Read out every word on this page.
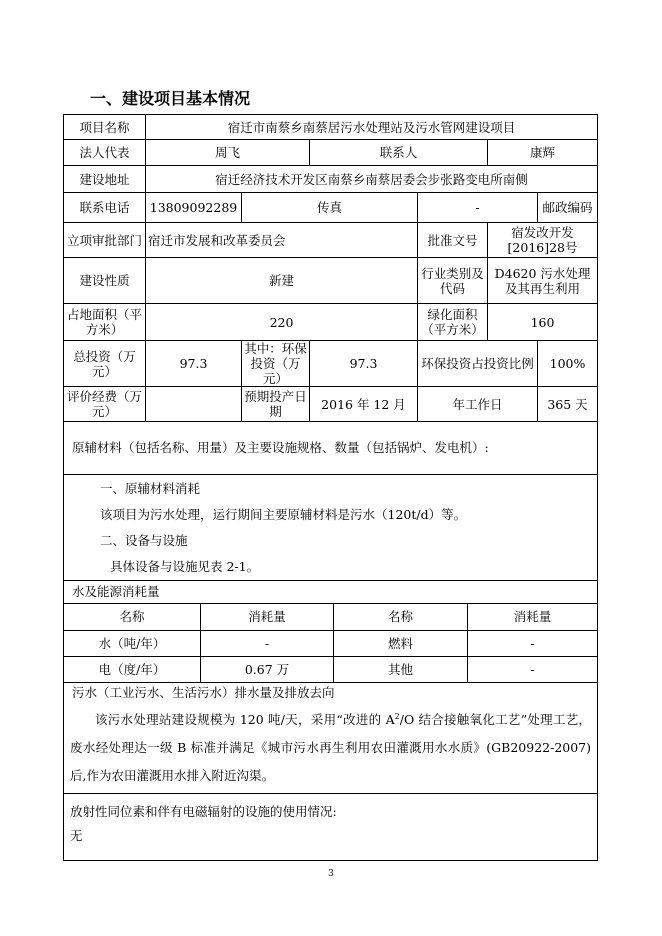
一、建设项目基本情况
项目名称	宿迁市南蔡乡南蔡居污水处理站及污水管网建设项目					
法人代表	周飞		联系人		康辉	
建设地址	宿迁经济技术开发区南蔡乡南蔡居委会步张路变电所南侧					
联系电话	13809092289	传真		-		邮政编码

立项审批部门	宿迁市发展和改革委员会			批准文号	宿发改开发[2016]28号	
建设性质	新建			行业类别及代码	D4620 污水处理及其再生利用	
占地面积（平方米）	220			绿化面积（平方米）	160	
总投资（万元）	97.3	其中：环保投资（万元）	97.3	环保投资占投资比例		100%
评价经费（万元）		预期投产日期	2016 年 12 月	年工作日		365 天

原辅材料（包括名称、用量）及主要设施规格、数量（包括锅炉、发电机）:

一、原辅材料消耗

该项目为污水处理，运行期间主要原辅材料是污水（120t/d）等。

二、设备与设施

具体设备与设施见表 2-1。						

水及能源消耗量			
名称	消耗量	名称	消耗量
水（吨/年）	-	燃料	-
电（度/年）	0.67 万	其他	-

污水（工业污水、生活污水）排水量及排放去向

该污水处理站建设规模为 120 吨/天，采用“改进的 $A^2/O$ 结合接触氧化工艺”处理工艺，废水经处理达一级 B 标准并满足《城市污水再生利用农田灌溉用水水质》(GB20922-2007)后,作为农田灌溉用水排入附近沟渠。			

放射性同位素和伴有电磁辐射的设施的使用情况:

无			

3
